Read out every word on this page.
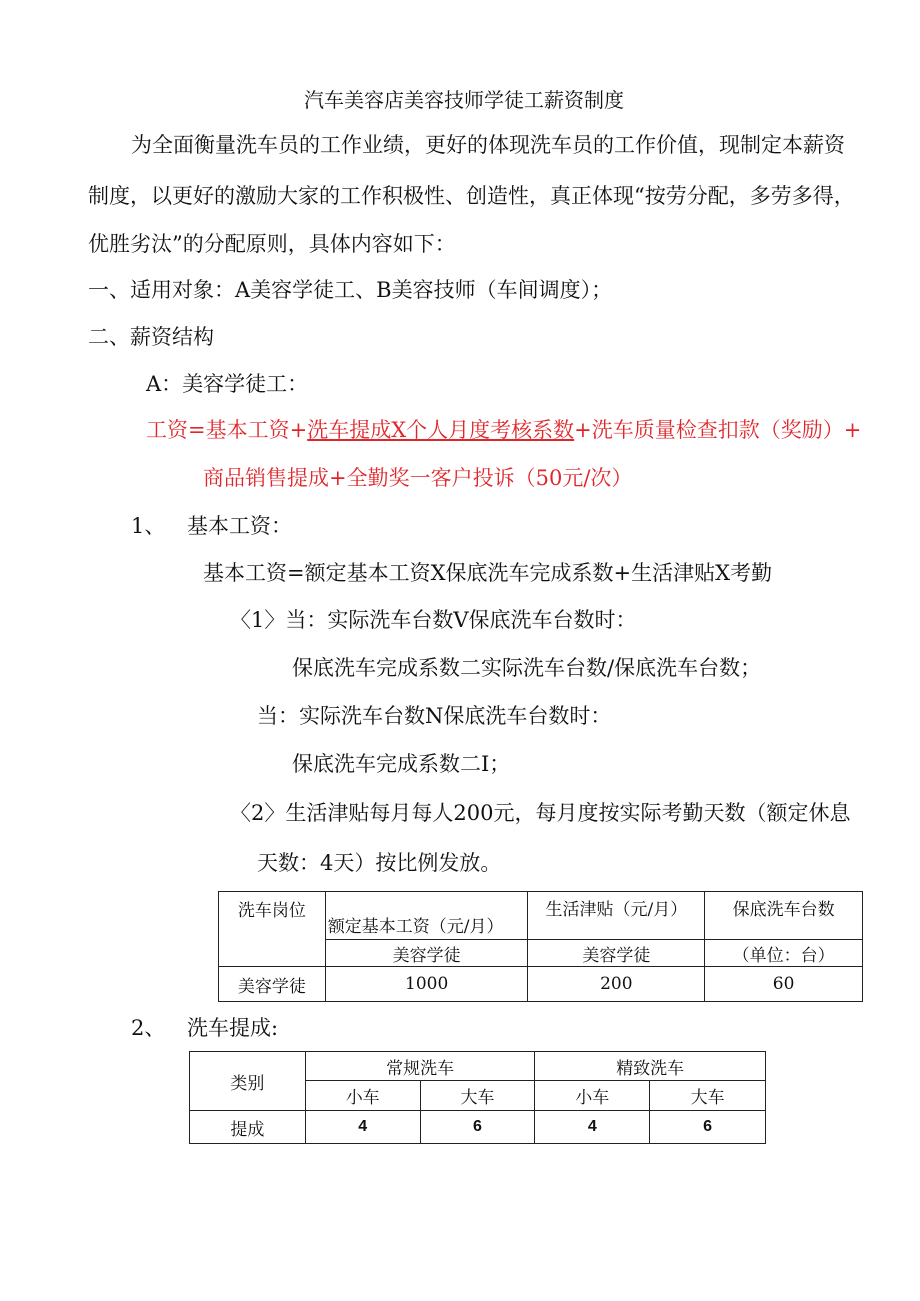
汽车美容店美容技师学徒工薪资制度
为全面衡量洗车员的工作业绩，更好的体现洗车员的工作价值，现制定本薪资
制度，以更好的激励大家的工作积极性、创造性，真正体现“按劳分配，多劳多得，
优胜劣汰”的分配原则，具体内容如下：
一、适用对象：A美容学徒工、B美容技师（车间调度）；
二、薪资结构
A：美容学徒工：
工资=基本工资+洗车提成X个人月度考核系数+洗车质量检查扣款（奖励）+
商品销售提成+全勤奖一客户投诉（50元/次）
1、 基本工资：
基本工资=额定基本工资X保底洗车完成系数+生活津贴X考勤
〈1〉当：实际洗车台数V保底洗车台数时：
保底洗车完成系数二实际洗车台数/保底洗车台数；
当：实际洗车台数N保底洗车台数时：
保底洗车完成系数二I；
〈2〉生活津贴每月每人200元，每月度按实际考勤天数（额定休息
天数：4天）按比例发放。
洗车岗位	额定基本工资（元/月）	生活津贴（元/月）	保底洗车台数
	美容学徒	美容学徒	（单位：台）
美容学徒	1000	200	60
2、 洗车提成:
类别	常规洗车		精致洗车	
	小车	大车	小车	大车
提成	4	6	4	6
